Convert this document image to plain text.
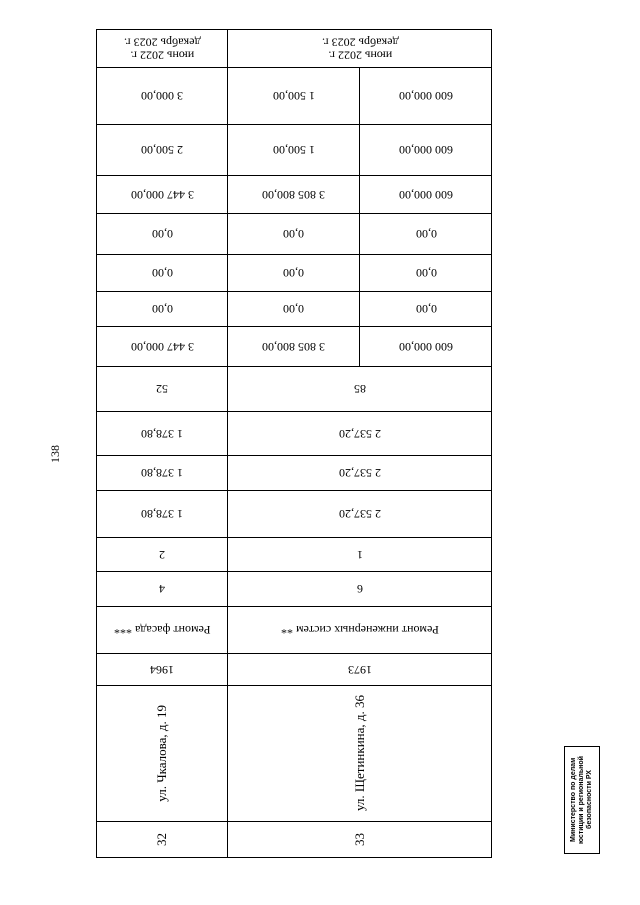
138
июнь 2022 г.
декабрь 2023 г.
июнь 2022 г.
декабрь 2023 г.
3 000,00	1 500,00	600 000,00
2 500,00	1 500,00	600 000,00
3 447 000,00	3 805 800,00	600 000,00
0,00	0,00	0,00
0,00	0,00	0,00
0,00	0,00	0,00
3 447 000,00	3 805 800,00	600 000,00
52	85
1 378,80	2 537,20
1 378,80	2 537,20
1 378,80	2 537,20
2	1
4	6
Ремонт фасада ***	Ремонт инженерных систем **
1964	1973
ул. Чкалова, д. 19	ул. Щетинкина, д. 36
32	33	Министерство по делам юстиции и региональной безопасности РХ
